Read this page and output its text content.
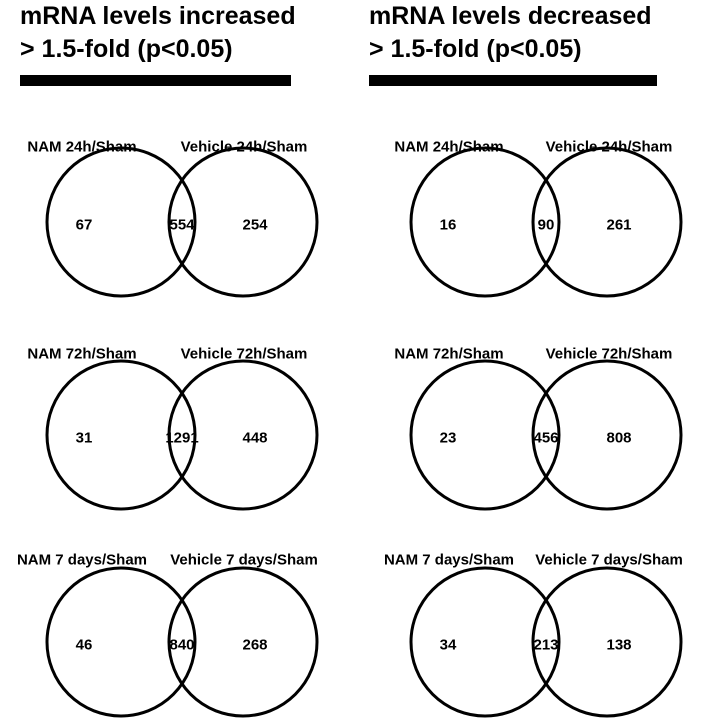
mRNA levels increased
> 1.5-fold (p<0.05)
mRNA levels decreased
> 1.5-fold (p<0.05)
NAM 24h/Sham	Vehicle 24h/Sham
67	554	254
NAM 72h/Sham	Vehicle 72h/Sham
31	1291	448
NAM 7 days/Sham Vehicle 7 days/Sham
46	840	268
NAM 24h/Sham	Vehicle 24h/Sham
16	90	261
NAM 72h/Sham	Vehicle 72h/Sham
23	456	808
NAM 7 days/Sham Vehicle 7 days/Sham
34	213	138
